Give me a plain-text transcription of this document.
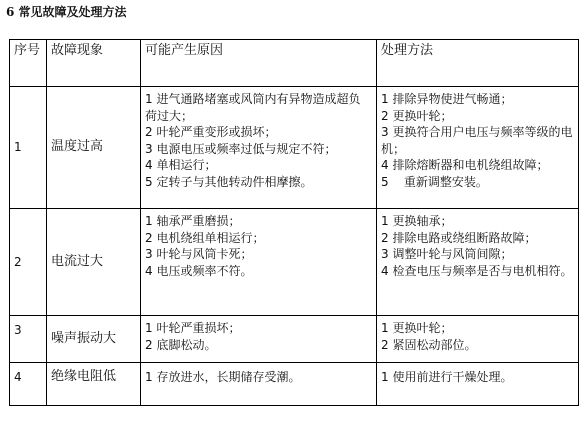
6 常见故障及处理方法
序号	故障现象	可能产生原因	处理方法
1	温度过高	1 进气通路堵塞或风筒内有异物造成超负荷过大；
2 叶轮严重变形或损坏；
3 电源电压或频率过低与规定不符；
4 单相运行；
5 定转子与其他转动件相摩擦。	1 排除异物使进气畅通；
2 更换叶轮；
3 更换符合用户电压与频率等级的电机；
4 排除熔断器和电机绕组故障；
5    重新调整安装。

2	电流过大	1 轴承严重磨损；
2 电机绕组单相运行；
3 叶轮与风筒卡死；
4 电压或频率不符。	1 更换轴承；
2 排除电路或绕组断路故障；
3 调整叶轮与风筒间隙；
4 检查电压与频率是否与电机相符。

3	噪声振动大	1 叶轮严重损坏；
2 底脚松动。	1 更换叶轮；
2 紧固松动部位。

4	绝缘电阻低	1 存放进水，长期储存受潮。	1 使用前进行干燥处理。
